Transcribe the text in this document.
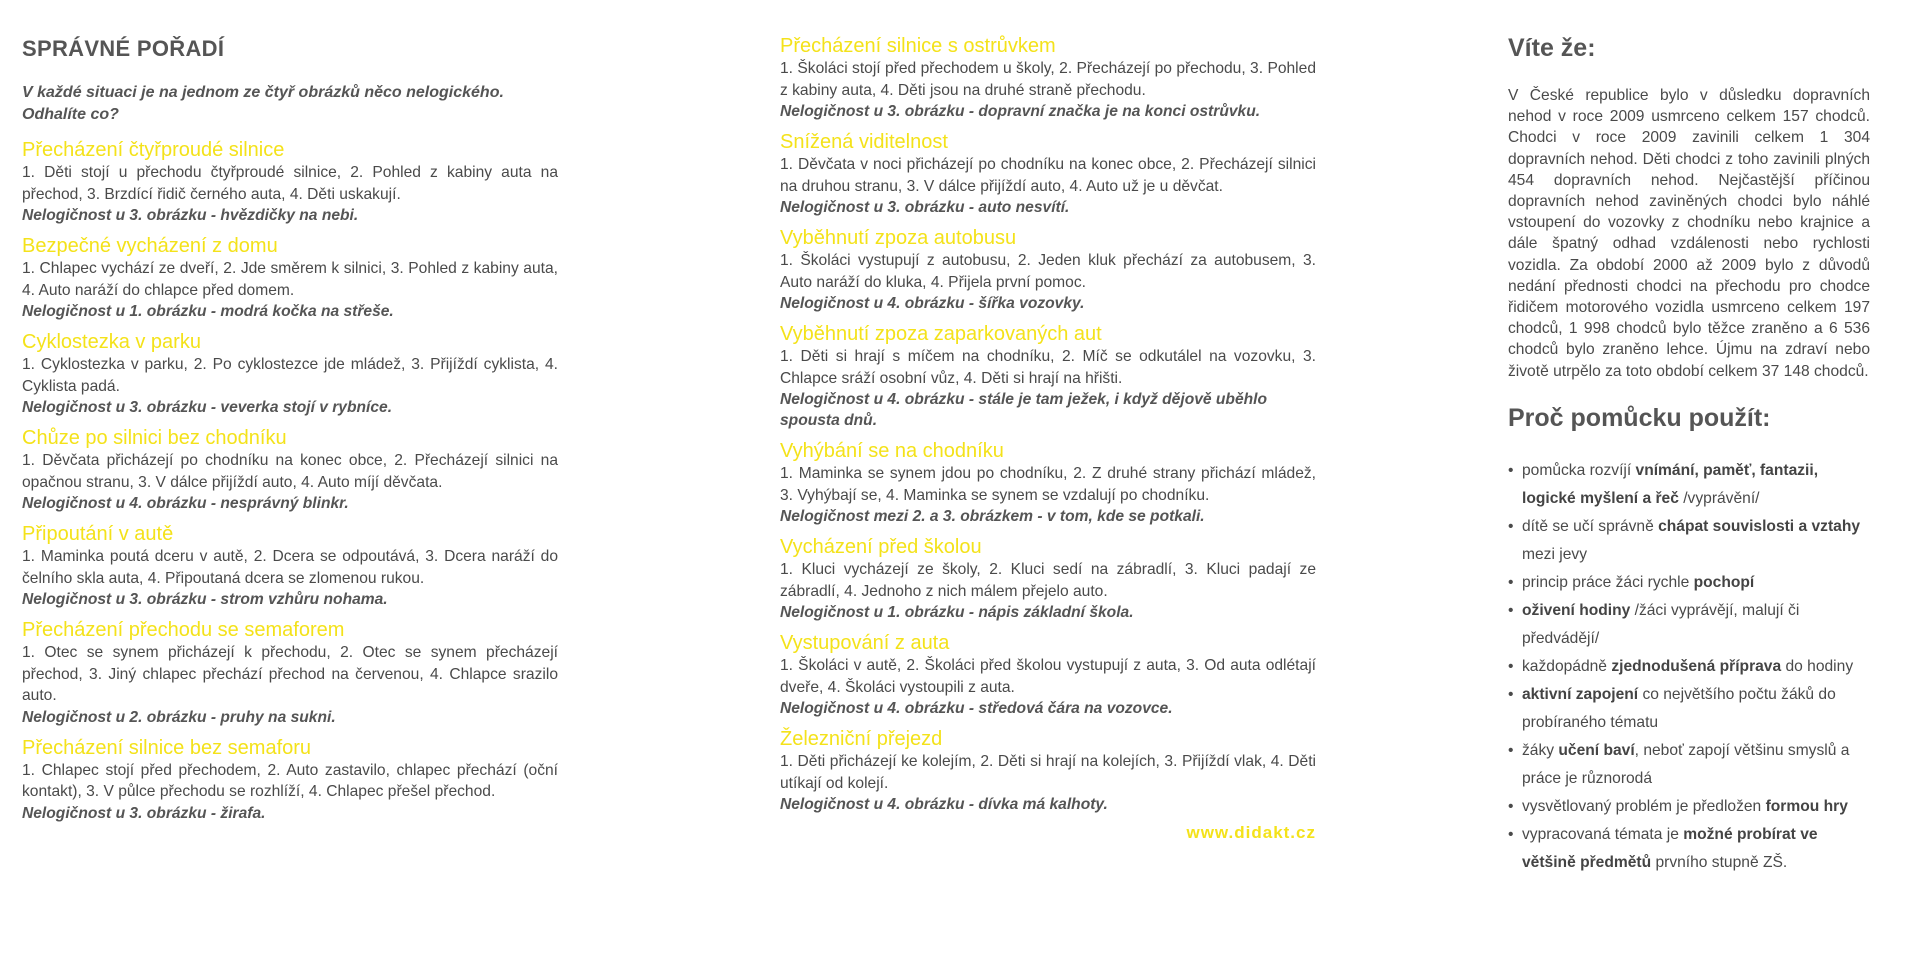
SPRÁVNÉ POŘADÍ
V každé situaci je na jednom ze čtyř obrázků něco nelogického. Odhalíte co?
Přecházení čtyřproudé silnice
1. Děti stojí u přechodu čtyřproudé silnice, 2. Pohled z kabiny auta na přechod, 3. Brzdící řidič černého auta, 4. Děti uskakují.
Nelogičnost u 3. obrázku - hvězdičky na nebi.
Bezpečné vycházení z domu
1. Chlapec vychází ze dveří, 2. Jde směrem k silnici, 3. Pohled z kabiny auta, 4. Auto naráží do chlapce před domem.
Nelogičnost u 1. obrázku - modrá kočka na střeše.
Cyklostezka v parku
1. Cyklostezka v parku, 2. Po cyklostezce jde mládež, 3. Přijíždí cyklista, 4. Cyklista padá.
Nelogičnost u 3. obrázku - veverka stojí v rybníce.
Chůze po silnici bez chodníku
1. Děvčata přicházejí po chodníku na konec obce, 2. Přecházejí silnici na opačnou stranu, 3. V dálce přijíždí auto, 4. Auto míjí děvčata.
Nelogičnost u 4. obrázku - nesprávný blinkr.
Připoutání v autě
1. Maminka poutá dceru v autě, 2. Dcera se odpoutává, 3. Dcera naráží do čelního skla auta, 4. Připoutaná dcera se zlomenou rukou.
Nelogičnost u 3. obrázku - strom vzhůru nohama.
Přecházení přechodu se semaforem
1. Otec se synem přicházejí k přechodu, 2. Otec se synem přecházejí přechod, 3. Jiný chlapec přechází přechod na červenou, 4. Chlapce srazilo auto.
Nelogičnost u 2. obrázku - pruhy na sukni.
Přecházení silnice bez semaforu
1. Chlapec stojí před přechodem, 2. Auto zastavilo, chlapec přechází (oční kontakt), 3. V půlce přechodu se rozhlíží, 4. Chlapec přešel přechod.
Nelogičnost u 3. obrázku - žirafa.
Přecházení silnice s ostrůvkem
1. Školáci stojí před přechodem u školy, 2. Přecházejí po přechodu, 3. Pohled z kabiny auta, 4. Děti jsou na druhé straně přechodu.
Nelogičnost u 3. obrázku - dopravní značka je na konci ostrůvku.
Snížená viditelnost
1. Děvčata v noci přicházejí po chodníku na konec obce, 2. Přecházejí silnici na druhou stranu, 3. V dálce přijíždí auto, 4. Auto už je u děvčat.
Nelogičnost u 3. obrázku - auto nesvítí.
Vyběhnutí zpoza autobusu
1. Školáci vystupují z autobusu, 2. Jeden kluk přechází za autobusem, 3. Auto naráží do kluka, 4. Přijela první pomoc.
Nelogičnost u 4. obrázku - šířka vozovky.
Vyběhnutí zpoza zaparkovaných aut
1. Děti si hrají s míčem na chodníku, 2. Míč se odkutálel na vozovku, 3. Chlapce sráží osobní vůz, 4. Děti si hrají na hřišti.
Nelogičnost u 4. obrázku - stále je tam ježek, i když dějově uběhlo spousta dnů.
Vyhýbání se na chodníku
1. Maminka se synem jdou po chodníku, 2. Z druhé strany přichází mládež, 3. Vyhýbají se, 4. Maminka se synem se vzdalují po chodníku.
Nelogičnost mezi 2. a 3. obrázkem - v tom, kde se potkali.
Vycházení před školou
1. Kluci vycházejí ze školy, 2. Kluci sedí na zábradlí, 3. Kluci padají ze zábradlí, 4. Jednoho z nich málem přejelo auto.
Nelogičnost u 1. obrázku - nápis základní škola.
Vystupování z auta
1. Školáci v autě, 2. Školáci před školou vystupují z auta, 3. Od auta odlétají dveře, 4. Školáci vystoupili z auta.
Nelogičnost u 4. obrázku - středová čára na vozovce.
Železniční přejezd
1. Děti přicházejí ke kolejím, 2. Děti si hrají na kolejích, 3. Přijíždí vlak, 4. Děti utíkají od kolejí.
Nelogičnost u 4. obrázku - dívka má kalhoty.
www.didakt.cz
Víte že:
V České republice bylo v důsledku dopravních nehod v roce 2009 usmrceno celkem 157 chodců. Chodci v roce 2009 zavinili celkem 1 304 dopravních nehod. Děti chodci z toho zavinili plných 454 dopravních nehod. Nejčastější příčinou dopravních nehod zaviněných chodci bylo náhlé vstoupení do vozovky z chodníku nebo krajnice a dále špatný odhad vzdálenosti nebo rychlosti vozidla. Za období 2000 až 2009 bylo z důvodů nedání přednosti chodci na přechodu pro chodce řidičem motorového vozidla usmrceno celkem 197 chodců, 1 998 chodců bylo těžce zraněno a 6 536 chodců bylo zraněno lehce. Újmu na zdraví nebo životě utrpělo za toto období celkem 37 148 chodců.
Proč pomůcku použít:
• pomůcka rozvíjí vnímání, paměť, fantazii, logické myšlení a řeč /vyprávění/
• dítě se učí správně chápat souvislosti a vztahy mezi jevy
• princip práce žáci rychle pochopí
• oživení hodiny /žáci vyprávějí, malují či předvádějí/
• každopádně zjednodušená příprava do hodiny
• aktivní zapojení co největšího počtu žáků do probíraného tématu
• žáky učení baví, neboť zapojí většinu smyslů a práce je různorodá
• vysvětlovaný problém je předložen formou hry
• vypracovaná témata je možné probírat ve většině předmětů prvního stupně ZŠ.
